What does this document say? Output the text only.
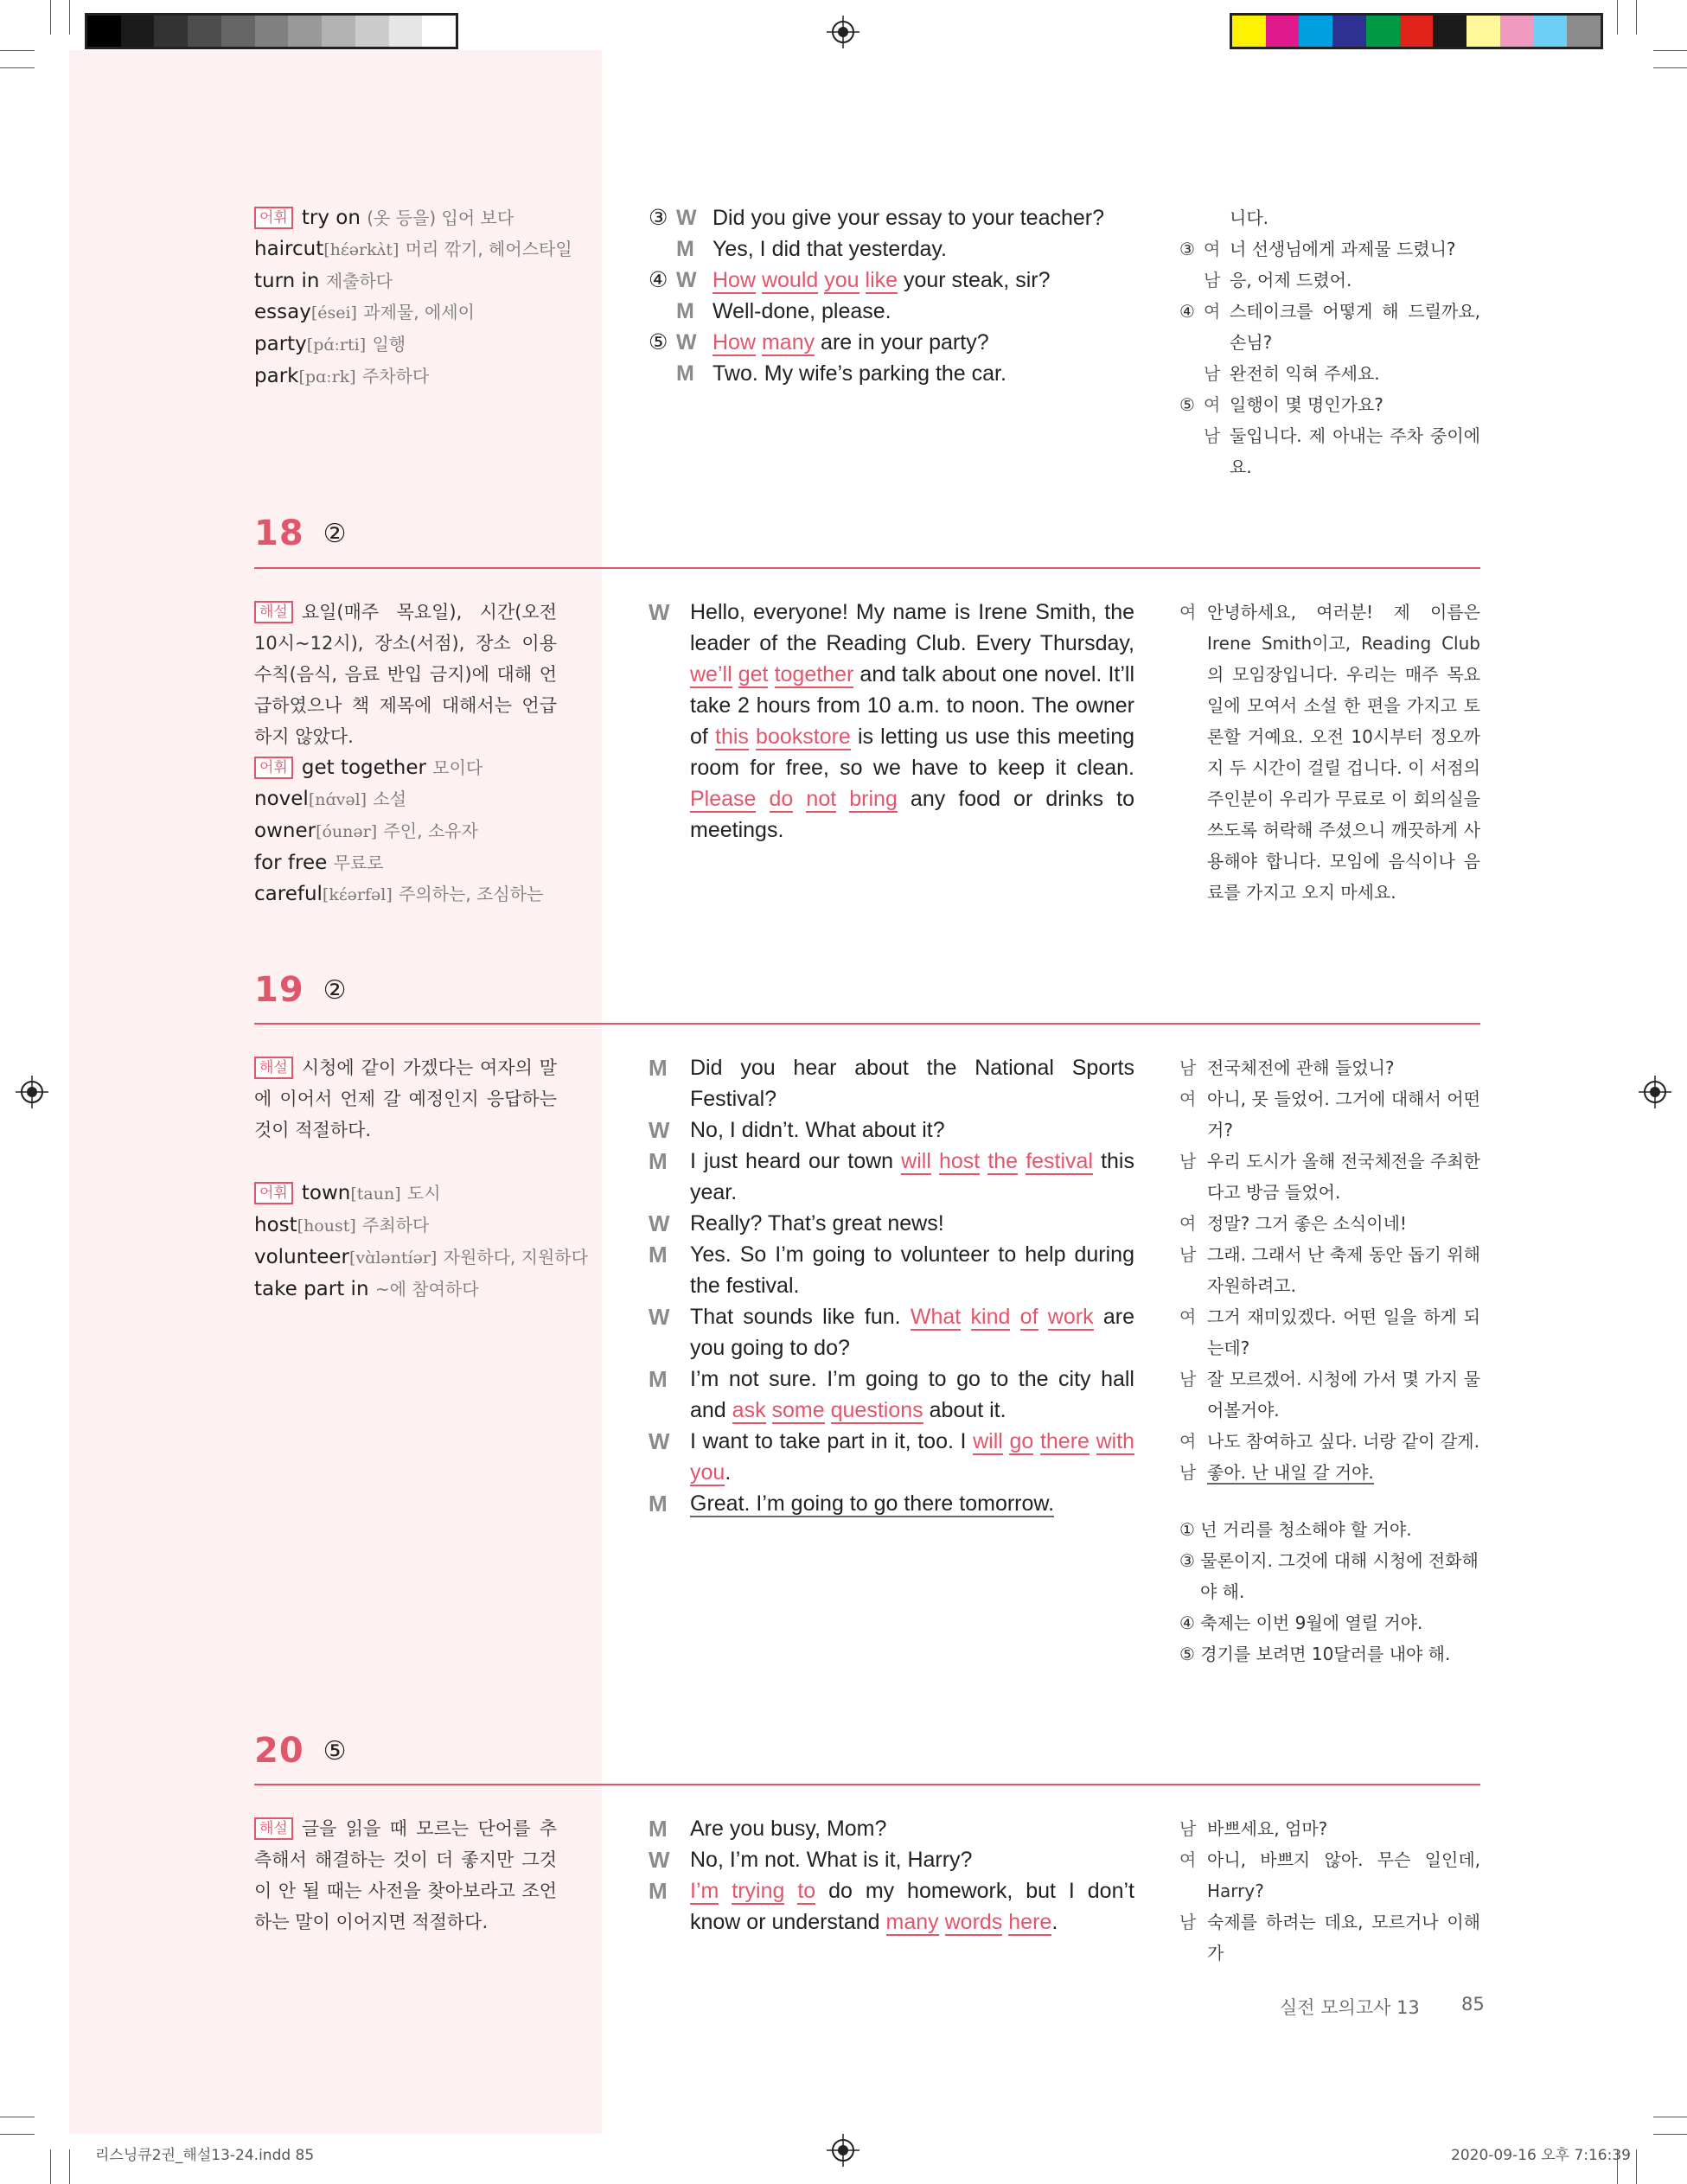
어휘 try on (옷 등을) 입어 보다
haircut[hɛ́ərkʌ̀t] 머리 깎기, 헤어스타일
turn in 제출하다
essay[ései] 과제물, 에세이
party[pɑ́ːrti] 일행
park[pɑːrk] 주차하다
③ W Did you give your essay to your teacher?
M Yes, I did that yesterday.
④ W How would you like your steak, sir?
M Well-done, please.
⑤ W How many are in your party?
M Two. My wife’s parking the car.
니다.
③ 여 너 선생님에게 과제물 드렸니?
남 응, 어제 드렸어.
④ 여 스테이크를 어떻게 해 드릴까요, 손님?
남 완전히 익혀 주세요.
⑤ 여 일행이 몇 명인가요?
남 둘입니다. 제 아내는 주차 중이에요.
18 ②
해설 요일(매주 목요일), 시간(오전 10시~12시), 장소(서점), 장소 이용 수칙(음식, 음료 반입 금지)에 대해 언급하였으나 책 제목에 대해서는 언급하지 않았다.
어휘 get together 모이다
novel[nɑ́vəl] 소설
owner[óunər] 주인, 소유자
for free 무료로
careful[kɛ́ərfəl] 주의하는, 조심하는
W Hello, everyone! My name is Irene Smith, the leader of the Reading Club. Every Thursday, we’ll get together and talk about one novel. It’ll take 2 hours from 10 a.m. to noon. The owner of this bookstore is letting us use this meeting room for free, so we have to keep it clean. Please do not bring any food or drinks to meetings.
여 안녕하세요, 여러분! 제 이름은 Irene Smith이고, Reading Club의 모임장입니다. 우리는 매주 목요일에 모여서 소설 한 편을 가지고 토론할 거예요. 오전 10시부터 정오까지 두 시간이 걸릴 겁니다. 이 서점의 주인분이 우리가 무료로 이 회의실을 쓰도록 허락해 주셨으니 깨끗하게 사용해야 합니다. 모임에 음식이나 음료를 가지고 오지 마세요.
19 ②
해설 시청에 같이 가겠다는 여자의 말에 이어서 언제 갈 예정인지 응답하는 것이 적절하다.
어휘 town[taun] 도시
host[houst] 주최하다
volunteer[vɑ̀ləntíər] 자원하다, 지원하다
take part in ~에 참여하다
M Did you hear about the National Sports Festival?
W No, I didn’t. What about it?
M I just heard our town will host the festival this year.
W Really? That’s great news!
M Yes. So I’m going to volunteer to help during the festival.
W That sounds like fun. What kind of work are you going to do?
M I’m not sure. I’m going to go to the city hall and ask some questions about it.
W I want to take part in it, too. I will go there with you.
M Great. I’m going to go there tomorrow.
남 전국체전에 관해 들었니?
여 아니, 못 들었어. 그거에 대해서 어떤 거?
남 우리 도시가 올해 전국체전을 주최한다고 방금 들었어.
여 정말? 그거 좋은 소식이네!
남 그래. 그래서 난 축제 동안 돕기 위해 자원하려고.
여 그거 재미있겠다. 어떤 일을 하게 되는데?
남 잘 모르겠어. 시청에 가서 몇 가지 물어볼거야.
여 나도 참여하고 싶다. 너랑 같이 갈게.
남 좋아. 난 내일 갈 거야.
① 넌 거리를 청소해야 할 거야.
③ 물론이지. 그것에 대해 시청에 전화해야 해.
④ 축제는 이번 9월에 열릴 거야.
⑤ 경기를 보려면 10달러를 내야 해.
20 ⑤
해설 글을 읽을 때 모르는 단어를 추측해서 해결하는 것이 더 좋지만 그것이 안 될 때는 사전을 찾아보라고 조언하는 말이 이어지면 적절하다.
M Are you busy, Mom?
W No, I’m not. What is it, Harry?
M I’m trying to do my homework, but I don’t know or understand many words here.
남 바쁘세요, 엄마?
여 아니, 바쁘지 않아. 무슨 일인데, Harry?
남 숙제를 하려는 데요, 모르거나 이해가
실전 모의고사 13 85
리스닝큐2권_해설13-24.indd 85	2020-09-16 오후 7:16:39
